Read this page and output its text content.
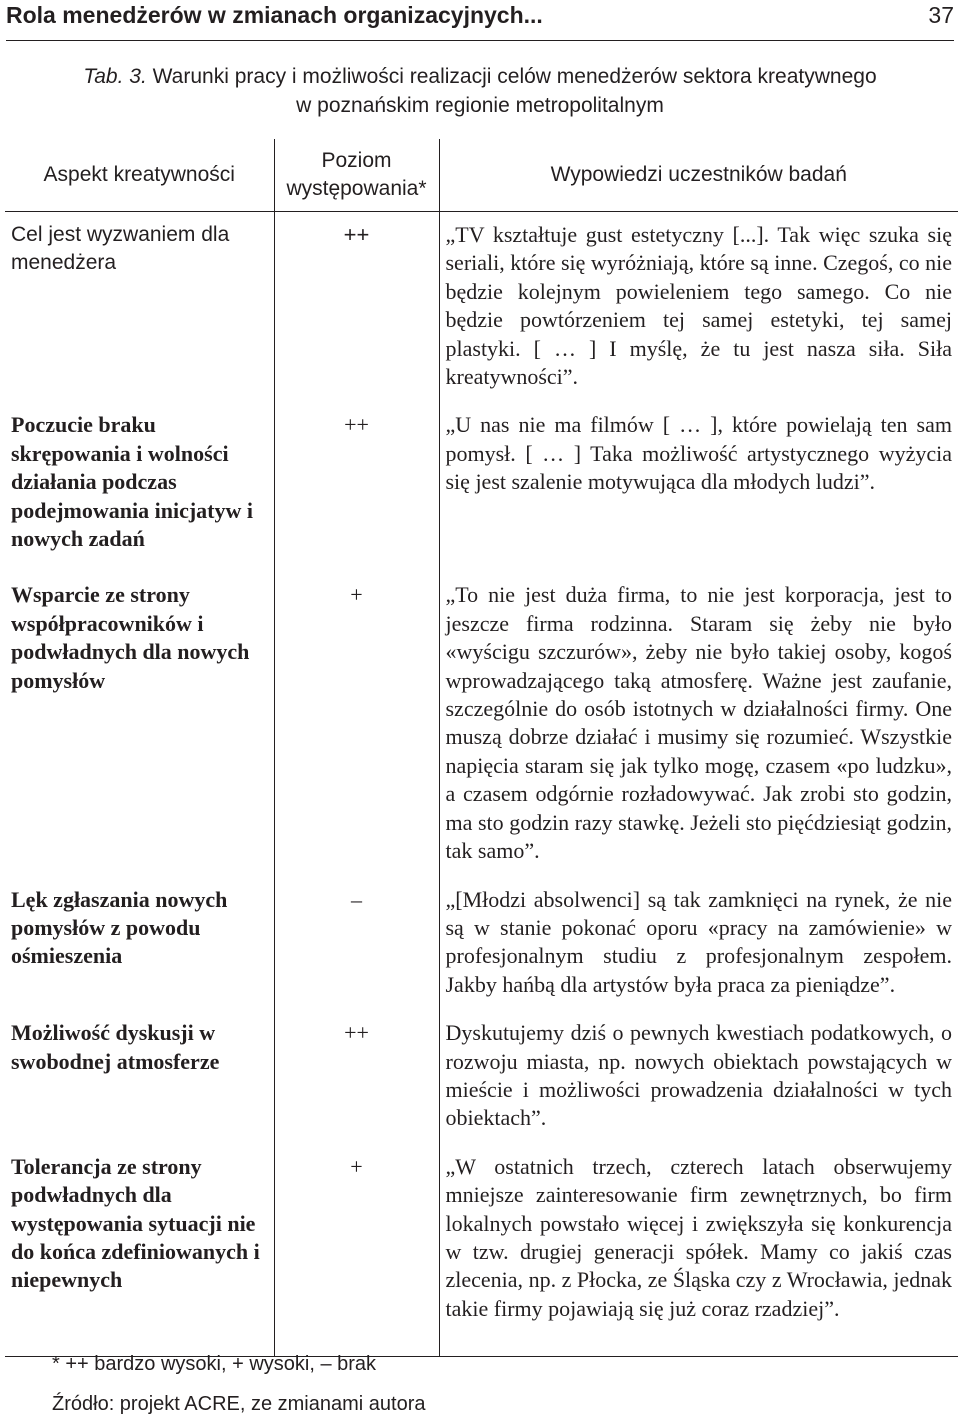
Rola menedżerów w zmianach organizacyjnych...	37
Tab. 3. Warunki pracy i możliwości realizacji celów menedżerów sektora kreatywnego
w poznańskim regionie metropolitalnym
Aspekt kreatywności	Poziom występowania*	Wypowiedzi uczestników badań
Cel jest wyzwaniem dla menedżera	++	„TV kształtuje gust estetyczny [...]. Tak więc szuka się seriali, które się wyróżniają, które są inne. Czegoś, co nie będzie kolejnym powieleniem tego samego. Co nie będzie powtórzeniem tej samej estetyki, tej samej plastyki. [ … ] I myślę, że tu jest nasza siła. Siła kreatywności”.
Poczucie braku skrępowania i wolności działania podczas podejmowania inicjatyw i nowych zadań	++	„U nas nie ma filmów [ … ], które powielają ten sam pomysł. [ … ] Taka możliwość artystycznego wyżycia się jest szalenie motywująca dla młodych ludzi”.
Wsparcie ze strony współpracowników i podwładnych dla nowych pomysłów	+	„To nie jest duża firma, to nie jest korporacja, jest to jeszcze firma rodzinna. Staram się żeby nie było «wyścigu szczurów», żeby nie było takiej osoby, kogoś wprowadzającego taką atmosferę. Ważne jest zaufanie, szczególnie do osób istotnych w działalności firmy. One muszą dobrze działać i musimy się rozumieć. Wszystkie napięcia staram się jak tylko mogę, czasem «po ludzku», a czasem odgórnie rozładowywać. Jak zrobi sto godzin, ma sto godzin razy stawkę. Jeżeli sto pięćdziesiąt godzin, tak samo”.
Lęk zgłaszania nowych pomysłów z powodu ośmieszenia	–	„[Młodzi absolwenci] są tak zamknięci na rynek, że nie są w stanie pokonać oporu «pracy na zamówienie» w profesjonalnym studiu z profesjonalnym zespołem. Jakby hańbą dla artystów była praca za pieniądze”.
Możliwość dyskusji w swobodnej atmosferze	++	Dyskutujemy dziś o pewnych kwestiach podatkowych, o rozwoju miasta, np. nowych obiektach powstających w mieście i możliwości prowadzenia działalności w tych obiektach”.
Tolerancja ze strony podwładnych dla występowania sytuacji nie do końca zdefiniowanych i niepewnych	+	„W ostatnich trzech, czterech latach obserwujemy mniejsze zainteresowanie firm zewnętrznych, bo firm lokalnych powstało więcej i zwiększyła się konkurencja w tzw. drugiej generacji spółek. Mamy co jakiś czas zlecenia, np. z Płocka, ze Śląska czy z Wrocławia, jednak takie firmy pojawiają się już coraz rzadziej”.
* ++ bardzo wysoki, + wysoki, – brak
Źródło: projekt ACRE, ze zmianami autora
